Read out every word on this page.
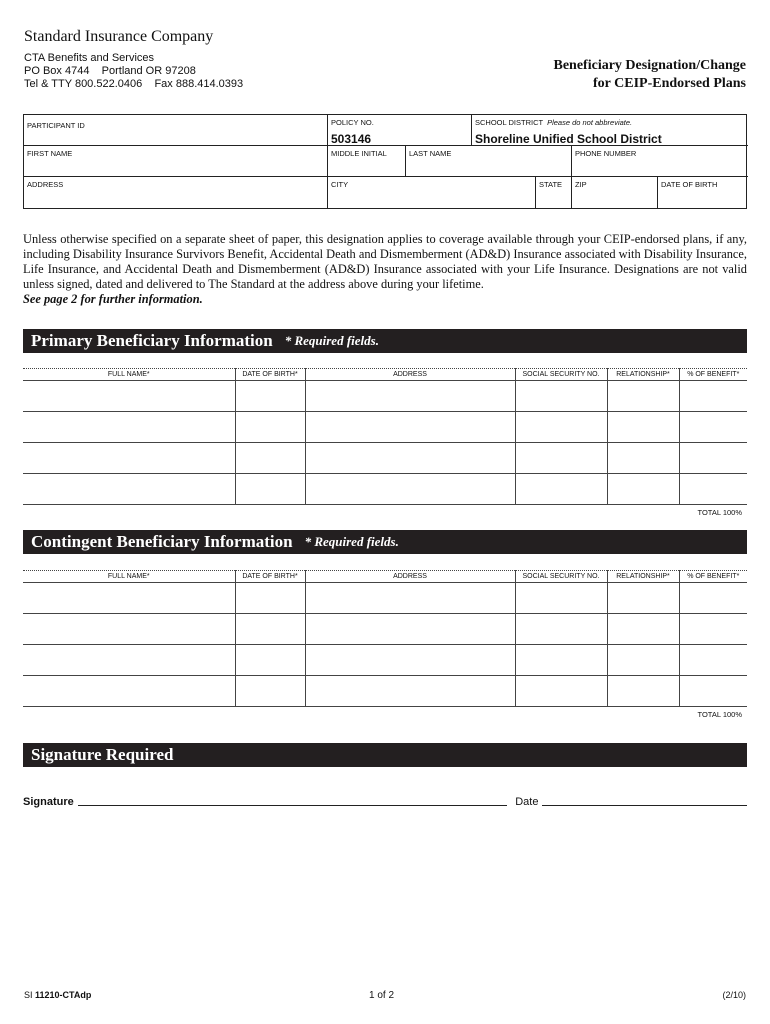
Standard Insurance Company
CTA Benefits and Services
PO Box 4744    Portland OR 97208
Tel & TTY 800.522.0406    Fax 888.414.0393
Beneficiary Designation/Change
for CEIP-Endorsed Plans
PARTICIPANT ID	POLICY NO.
503146
SCHOOL DISTRICT Please do not abbreviate.
Shoreline Unified School District
FIRST NAME	MIDDLE INITIAL	LAST NAME	PHONE NUMBER
ADDRESS	CITY	STATE	ZIP	DATE OF BIRTH
Unless otherwise specified on a separate sheet of paper, this designation applies to coverage available through your CEIP-endorsed plans, if any, including Disability Insurance Survivors Benefit, Accidental Death and Dismemberment (AD&D) Insurance associated with Disability Insurance, Life Insurance, and Accidental Death and Dismemberment (AD&D) Insurance associated with your Life Insurance. Designations are not valid unless signed, dated and delivered to The Standard at the address above during your lifetime.
See page 2 for further information.
Primary Beneficiary Information * Required fields.
FULL NAME*	DATE OF BIRTH*	ADDRESS	SOCIAL SECURITY NO.	RELATIONSHIP*	% OF BENEFIT*

TOTAL 100%
Contingent Beneficiary Information * Required fields.
FULL NAME*	DATE OF BIRTH*	ADDRESS	SOCIAL SECURITY NO.	RELATIONSHIP*	% OF BENEFIT*

TOTAL 100%
Signature Required
Signature	Date
SI 11210-CTAdp	1 of 2	(2/10)
